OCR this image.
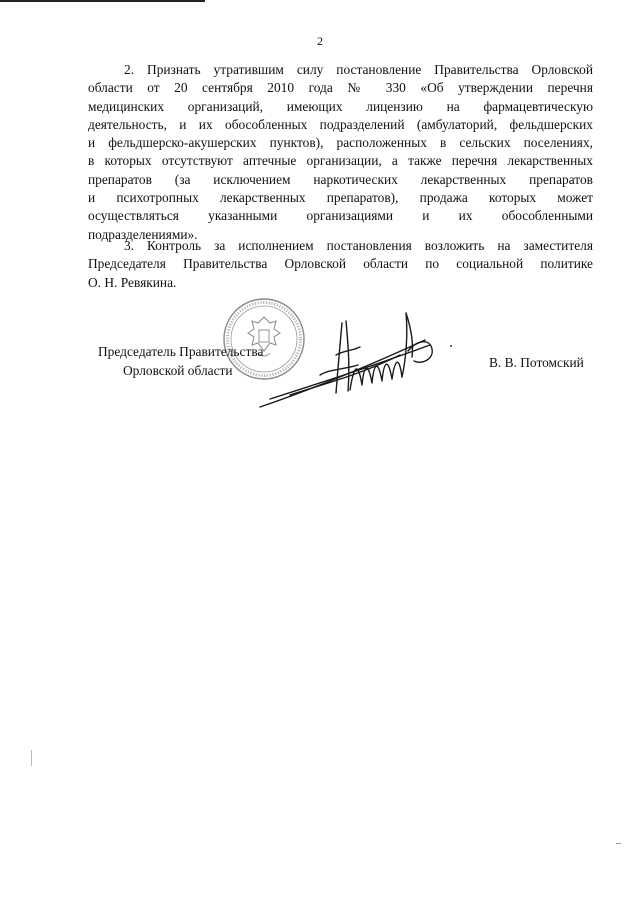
2
2. Признать утратившим силу постановление Правительства Орловской
области от 20 сентября 2010 года № 330 «Об утверждении перечня
медицинских организаций, имеющих лицензию на фармацевтическую
деятельность, и их обособленных подразделений (амбулаторий, фельдшерских
и фельдшерско-акушерских пунктов), расположенных в сельских поселениях,
в которых отсутствуют аптечные организации, а также перечня лекарственных
препаратов (за исключением наркотических лекарственных препаратов
и психотропных лекарственных препаратов), продажа которых может
осуществляться указанными организациями и их обособленными
подразделениями».
3. Контроль за исполнением постановления возложить на заместителя
Председателя Правительства Орловской области по социальной политике
О. Н. Ревякина.
Председатель Правительства
Орловской области	В. В. Потомский
